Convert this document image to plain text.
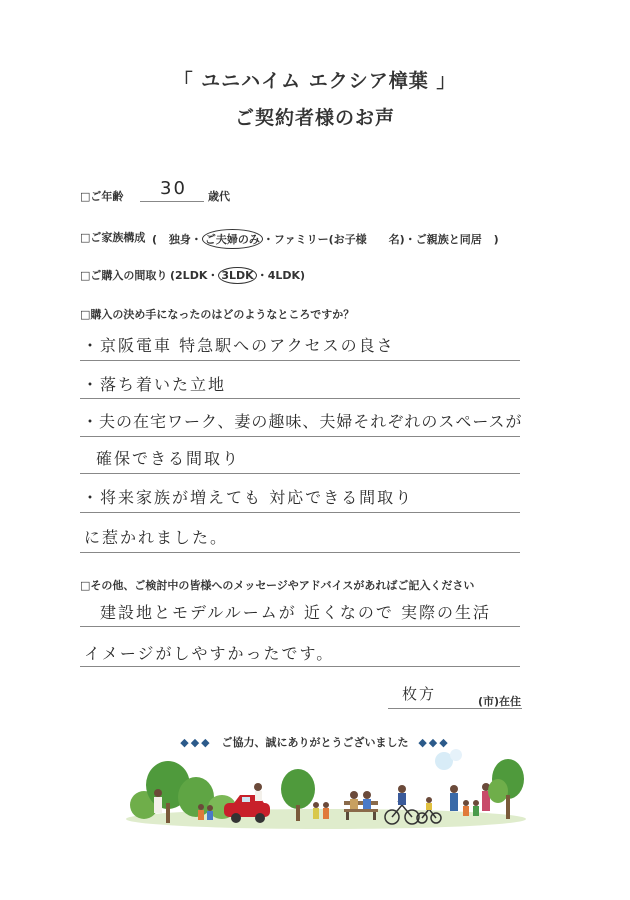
「 ユニハイム エクシア樟葉 」
ご契約者様のお声
□ご年齢 30 歳代
□ご家族構成 ( 独身・ ご夫婦のみ ・ファミリー(お子様　　名)・ご親族と同居 )
□ご購入の間取り (2LDK・ 3LDK ・4LDK)
□購入の決め手になったのはどのようなところですか？
・京阪電車 特急駅へのアクセスの良さ
・落ち着いた立地
・夫の在宅ワーク、妻の趣味、夫婦それぞれのスペースが
確保できる間取り
・将来家族が増えても 対応できる間取り
に惹かれました。
□その他、ご検討中の皆様へのメッセージやアドバイスがあればご記入ください
建設地とモデルルームが 近くなので 実際の生活
イメージがしやすかったです。
枚方	(市)在住
◆◆◆ ご協力、誠にありがとうございました ◆◆◆
